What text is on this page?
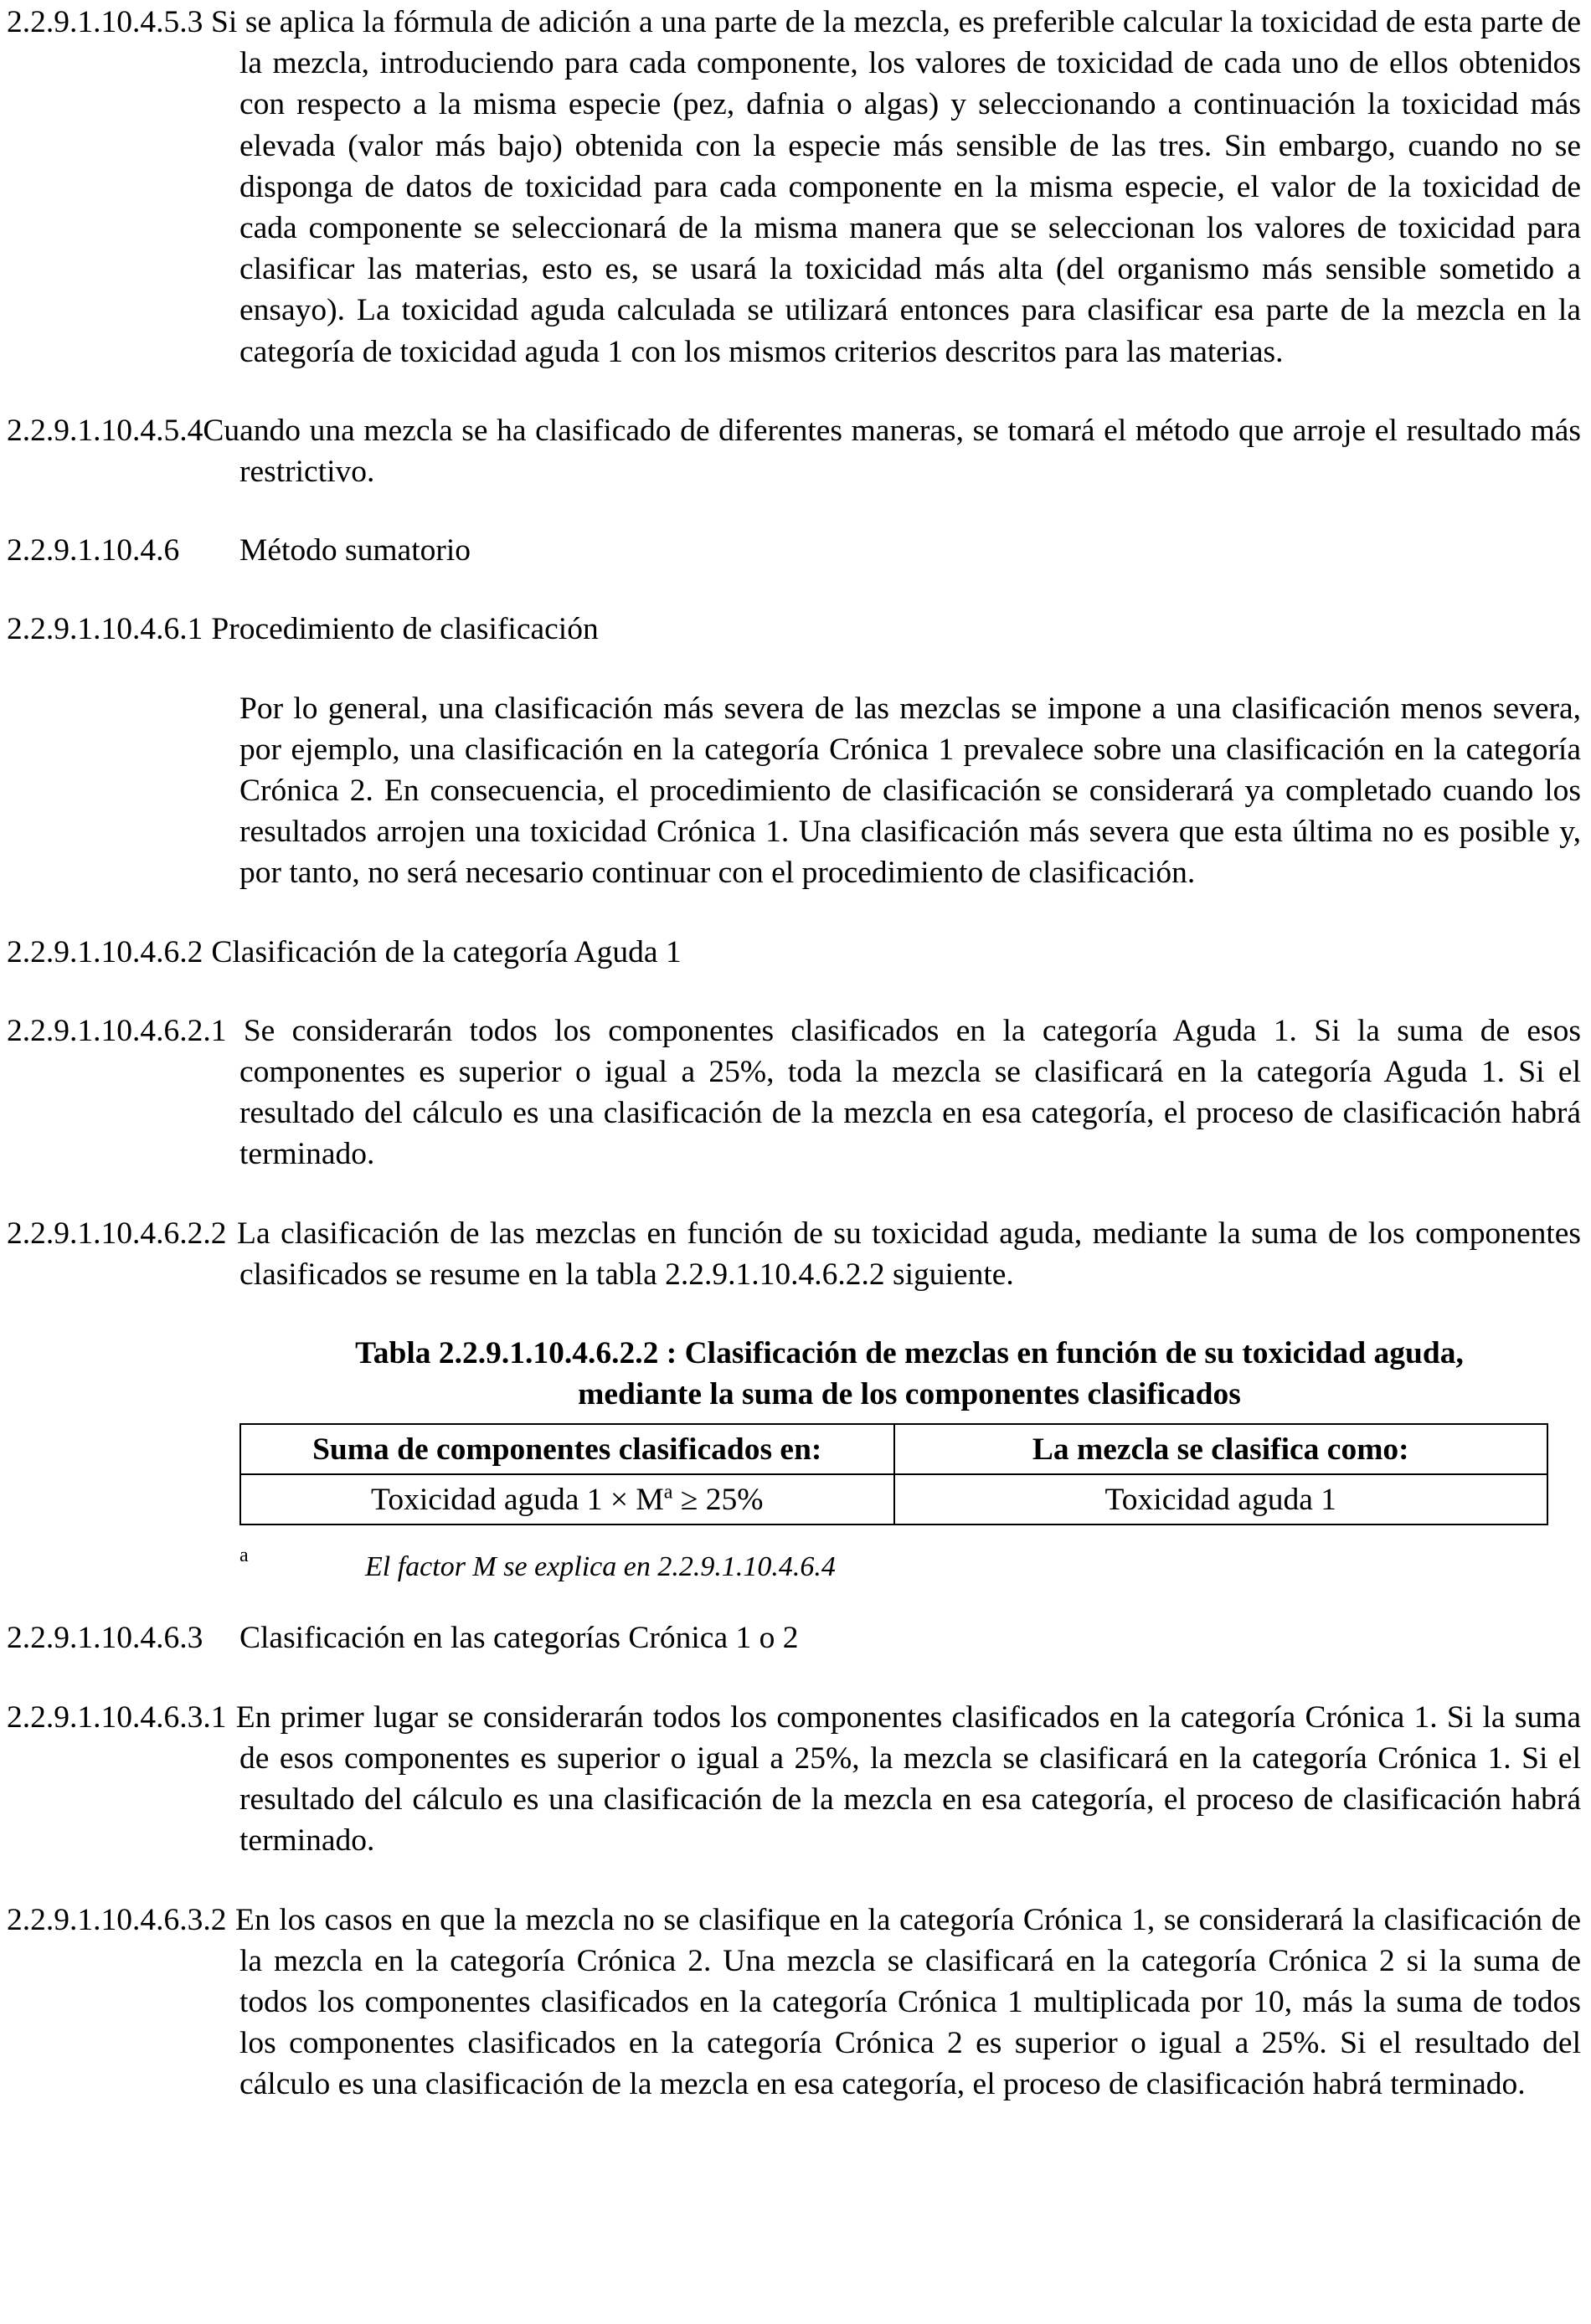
2.2.9.1.10.4.5.3 Si se aplica la fórmula de adición a una parte de la mezcla, es preferible calcular la toxicidad de esta parte de la mezcla, introduciendo para cada componente, los valores de toxicidad de cada uno de ellos obtenidos con respecto a la misma especie (pez, dafnia o algas) y seleccionando a continuación la toxicidad más elevada (valor más bajo) obtenida con la especie más sensible de las tres. Sin embargo, cuando no se disponga de datos de toxicidad para cada componente en la misma especie, el valor de la toxicidad de cada componente se seleccionará de la misma manera que se seleccionan los valores de toxicidad para clasificar las materias, esto es, se usará la toxicidad más alta (del organismo más sensible sometido a ensayo). La toxicidad aguda calculada se utilizará entonces para clasificar esa parte de la mezcla en la categoría de toxicidad aguda 1 con los mismos criterios descritos para las materias.

2.2.9.1.10.4.5.4Cuando una mezcla se ha clasificado de diferentes maneras, se tomará el método que arroje el resultado más restrictivo.

2.2.9.1.10.4.6 Método sumatorio

2.2.9.1.10.4.6.1 Procedimiento de clasificación

Por lo general, una clasificación más severa de las mezclas se impone a una clasificación menos severa, por ejemplo, una clasificación en la categoría Crónica 1 prevalece sobre una clasificación en la categoría Crónica 2. En consecuencia, el procedimiento de clasificación se considerará ya completado cuando los resultados arrojen una toxicidad Crónica 1. Una clasificación más severa que esta última no es posible y, por tanto, no será necesario continuar con el procedimiento de clasificación.

2.2.9.1.10.4.6.2 Clasificación de la categoría Aguda 1

2.2.9.1.10.4.6.2.1 Se considerarán todos los componentes clasificados en la categoría Aguda 1. Si la suma de esos componentes es superior o igual a 25%, toda la mezcla se clasificará en la categoría Aguda 1. Si el resultado del cálculo es una clasificación de la mezcla en esa categoría, el proceso de clasificación habrá terminado.

2.2.9.1.10.4.6.2.2 La clasificación de las mezclas en función de su toxicidad aguda, mediante la suma de los componentes clasificados se resume en la tabla 2.2.9.1.10.4.6.2.2 siguiente.

Tabla 2.2.9.1.10.4.6.2.2 : Clasificación de mezclas en función de su toxicidad aguda,
mediante la suma de los componentes clasificados

Suma de componentes clasificados en:	La mezcla se clasifica como:
Toxicidad aguda $1 \times M^a \ge 25\%$	Toxicidad aguda 1
a	El factor M se explica en 2.2.9.1.10.4.6.4

2.2.9.1.10.4.6.3 Clasificación en las categorías Crónica 1 o 2

2.2.9.1.10.4.6.3.1 En primer lugar se considerarán todos los componentes clasificados en la categoría Crónica 1. Si la suma de esos componentes es superior o igual a 25%, la mezcla se clasificará en la categoría Crónica 1. Si el resultado del cálculo es una clasificación de la mezcla en esa categoría, el proceso de clasificación habrá terminado.

2.2.9.1.10.4.6.3.2 En los casos en que la mezcla no se clasifique en la categoría Crónica 1, se considerará la clasificación de la mezcla en la categoría Crónica 2. Una mezcla se clasificará en la categoría Crónica 2 si la suma de todos los componentes clasificados en la categoría Crónica 1 multiplicada por 10, más la suma de todos los componentes clasificados en la categoría Crónica 2 es superior o igual a 25%. Si el resultado del cálculo es una clasificación de la mezcla en esa categoría, el proceso de clasificación habrá terminado.
